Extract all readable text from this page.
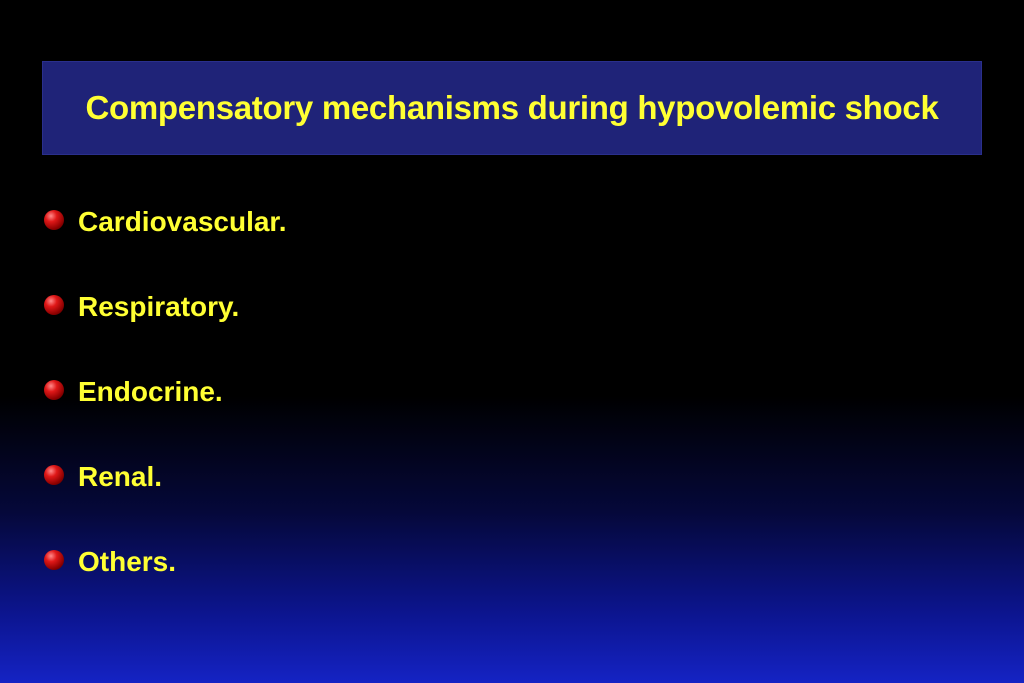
Compensatory mechanisms during hypovolemic shock
Cardiovascular.
Respiratory.
Endocrine.
Renal.
Others.
